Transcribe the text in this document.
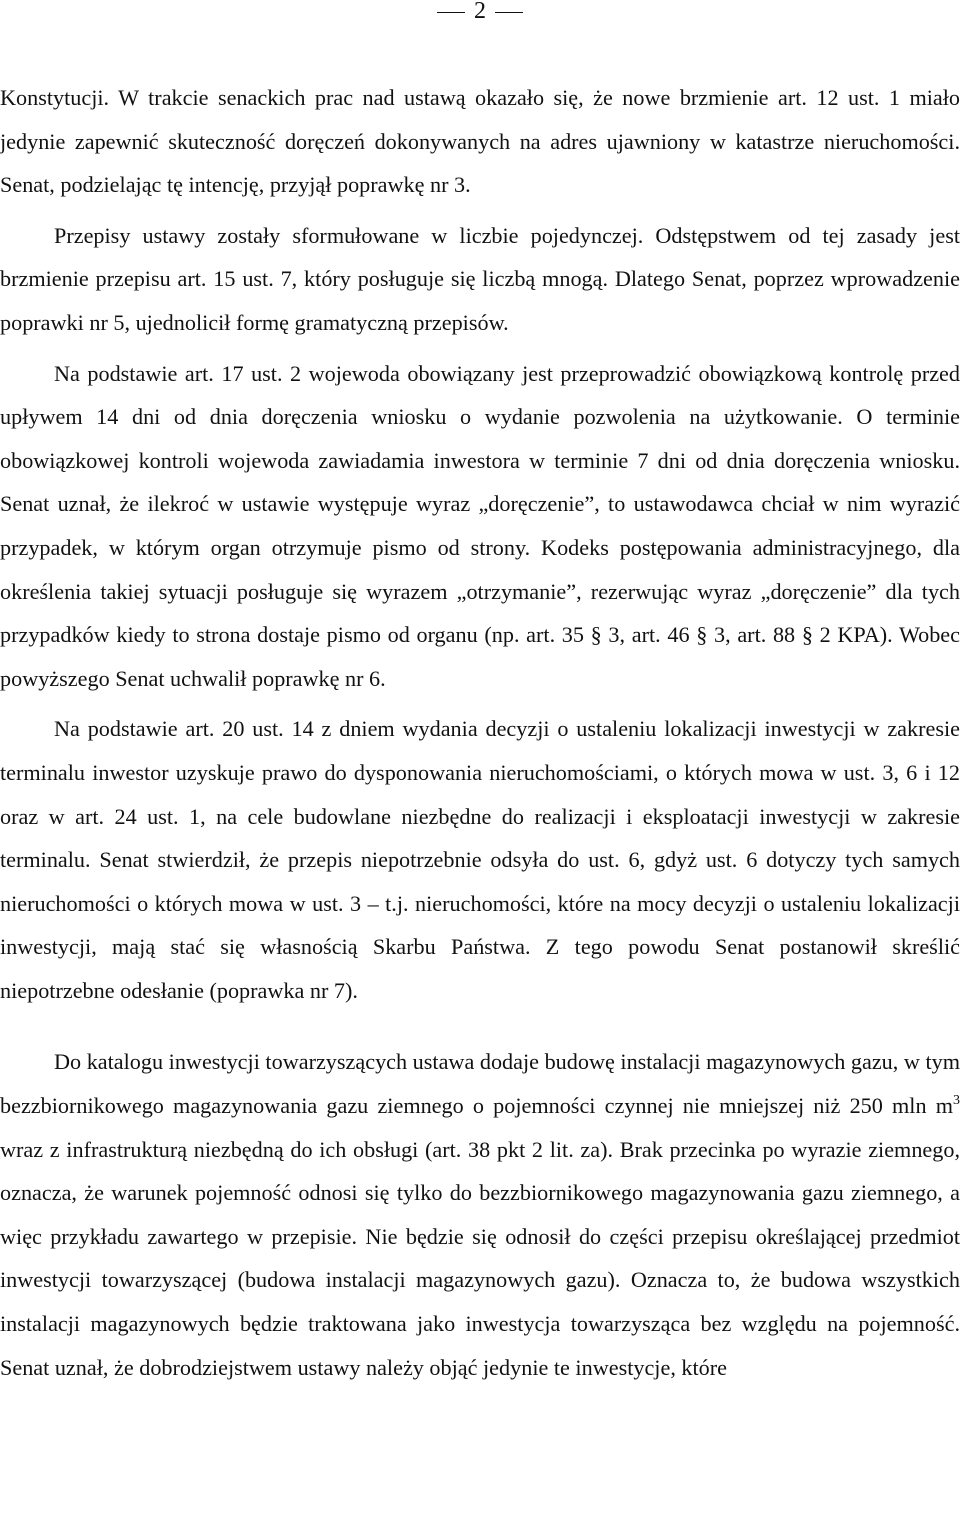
2

Konstytucji. W trakcie senackich prac nad ustawą okazało się, że nowe brzmienie art. 12 ust. 1 miało jedynie zapewnić skuteczność doręczeń dokonywanych na adres ujawniony w katastrze nieruchomości. Senat, podzielając tę intencję, przyjął poprawkę nr 3.

Przepisy ustawy zostały sformułowane w liczbie pojedynczej. Odstępstwem od tej zasady jest brzmienie przepisu art. 15 ust. 7, który posługuje się liczbą mnogą. Dlatego Senat, poprzez wprowadzenie poprawki nr 5, ujednolicił formę gramatyczną przepisów.

Na podstawie art. 17 ust. 2 wojewoda obowiązany jest przeprowadzić obowiązkową kontrolę przed upływem 14 dni od dnia doręczenia wniosku o wydanie pozwolenia na użytkowanie. O terminie obowiązkowej kontroli wojewoda zawiadamia inwestora w terminie 7 dni od dnia doręczenia wniosku. Senat uznał, że ilekroć w ustawie występuje wyraz „doręczenie”, to ustawodawca chciał w nim wyrazić przypadek, w którym organ otrzymuje pismo od strony. Kodeks postępowania administracyjnego, dla określenia takiej sytuacji posługuje się wyrazem „otrzymanie”, rezerwując wyraz „doręczenie” dla tych przypadków kiedy to strona dostaje pismo od organu (np. art. 35 § 3, art. 46 § 3, art. 88 § 2 KPA). Wobec powyższego Senat uchwalił poprawkę nr 6.

Na podstawie art. 20 ust. 14 z dniem wydania decyzji o ustaleniu lokalizacji inwestycji w zakresie terminalu inwestor uzyskuje prawo do dysponowania nieruchomościami, o których mowa w ust. 3, 6 i 12 oraz w art. 24 ust. 1, na cele budowlane niezbędne do realizacji i eksploatacji inwestycji w zakresie terminalu. Senat stwierdził, że przepis niepotrzebnie odsyła do ust. 6, gdyż ust. 6 dotyczy tych samych nieruchomości o których mowa w ust. 3 – t.j. nieruchomości, które na mocy decyzji o ustaleniu lokalizacji inwestycji, mają stać się własnością Skarbu Państwa. Z tego powodu Senat postanowił skreślić niepotrzebne odesłanie (poprawka nr 7).

Do katalogu inwestycji towarzyszących ustawa dodaje budowę instalacji magazynowych gazu, w tym bezzbiornikowego magazynowania gazu ziemnego o pojemności czynnej nie mniejszej niż 250 mln $m^3$ wraz z infrastrukturą niezbędną do ich obsługi (art. 38 pkt 2 lit. za). Brak przecinka po wyrazie ziemnego, oznacza, że warunek pojemność odnosi się tylko do bezzbiornikowego magazynowania gazu ziemnego, a więc przykładu zawartego w przepisie. Nie będzie się odnosił do części przepisu określającej przedmiot inwestycji towarzyszącej (budowa instalacji magazynowych gazu). Oznacza to, że budowa wszystkich instalacji magazynowych będzie traktowana jako inwestycja towarzysząca bez względu na pojemność. Senat uznał, że dobrodziejstwem ustawy należy objąć jedynie te inwestycje, które
